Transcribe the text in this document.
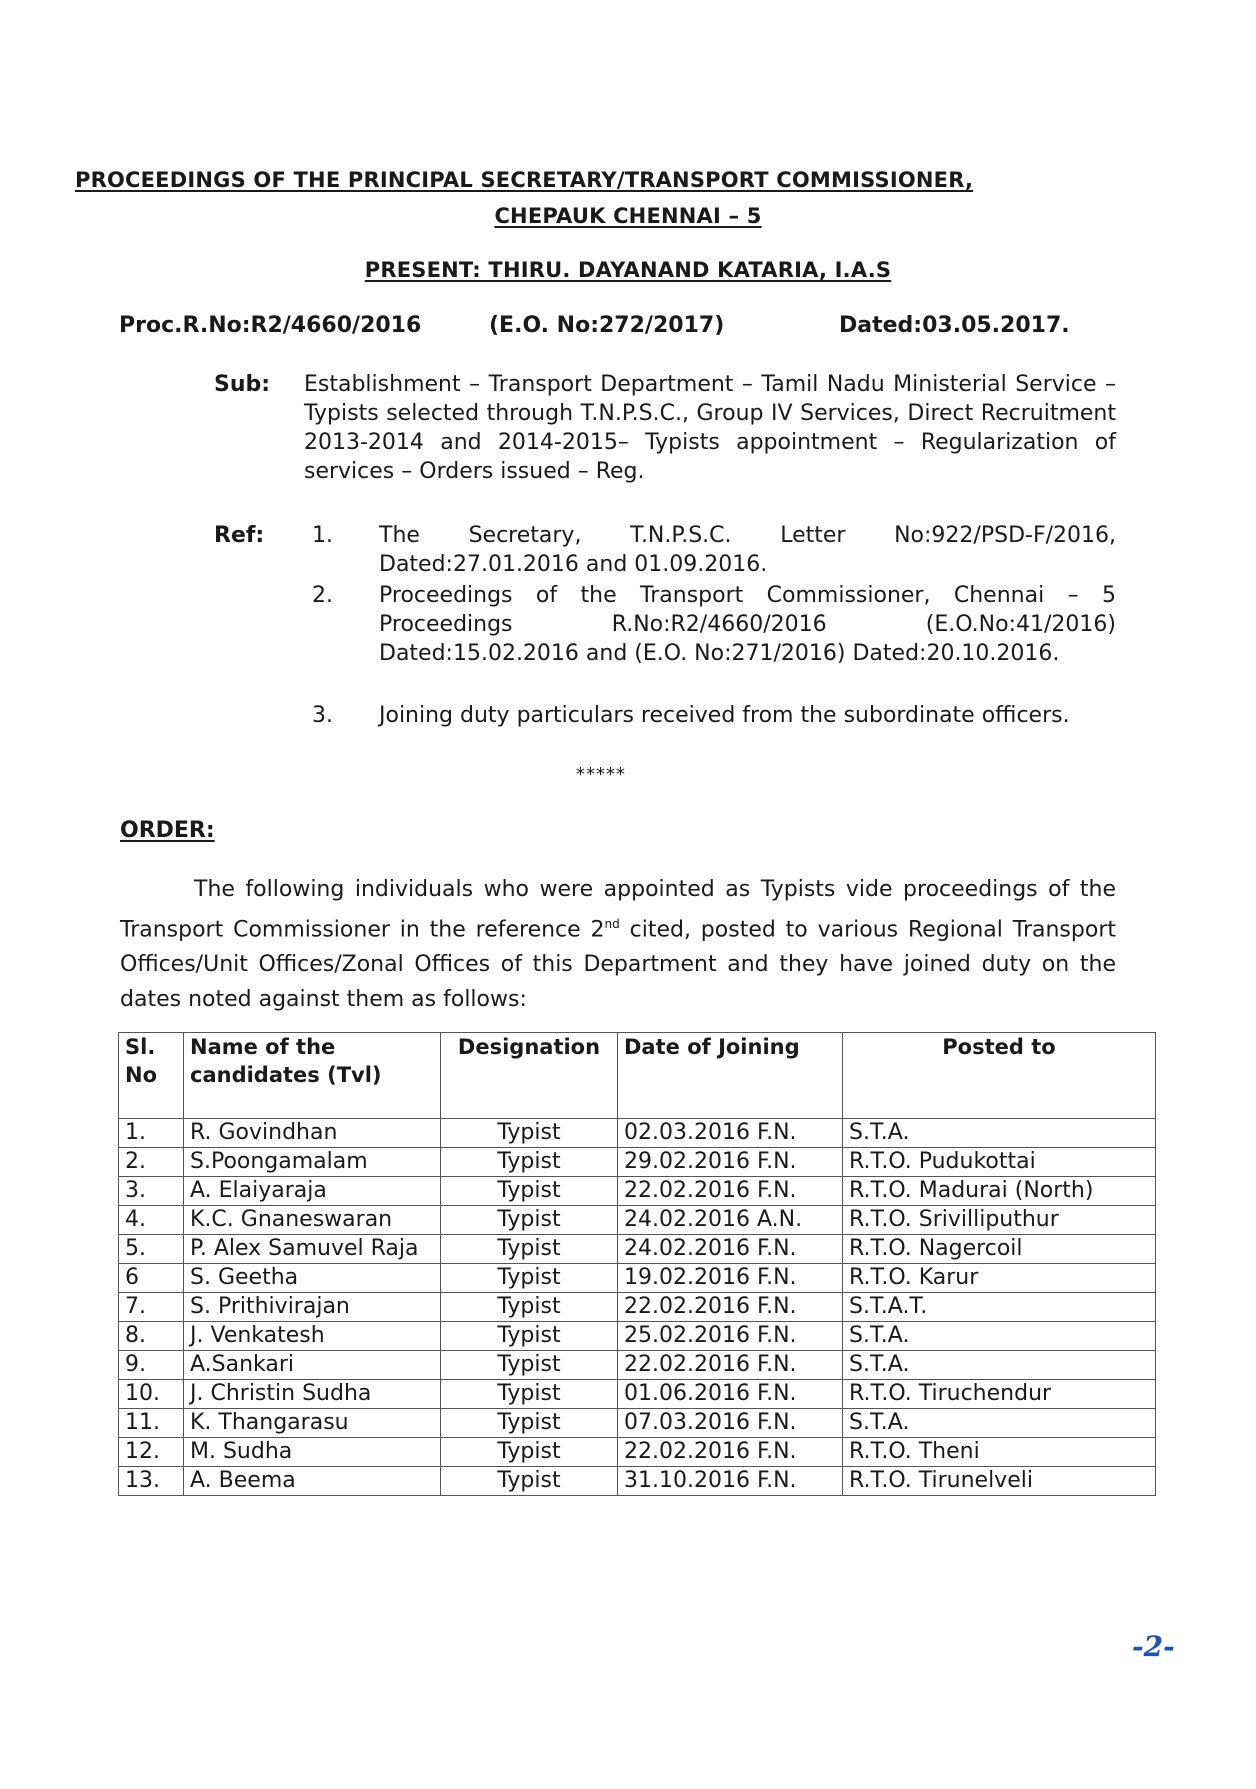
PROCEEDINGS OF THE PRINCIPAL SECRETARY/TRANSPORT COMMISSIONER,
CHEPAUK CHENNAI – 5
PRESENT: THIRU. DAYANAND KATARIA, I.A.S
Proc.R.No:R2/4660/2016	(E.O. No:272/2017)	Dated:03.05.2017.
Sub: Establishment – Transport Department – Tamil Nadu Ministerial Service – Typists selected through T.N.P.S.C., Group IV Services, Direct Recruitment 2013-2014 and 2014-2015– Typists appointment – Regularization of services – Orders issued – Reg.
Ref: 1. The Secretary, T.N.P.S.C. Letter No:922/PSD-F/2016, Dated:27.01.2016 and 01.09.2016.
2. Proceedings of the Transport Commissioner, Chennai – 5 Proceedings R.No:R2/4660/2016 (E.O.No:41/2016) Dated:15.02.2016 and (E.O. No:271/2016) Dated:20.10.2016.
3. Joining duty particulars received from the subordinate officers.
*****
ORDER:
The following individuals who were appointed as Typists vide proceedings of the Transport Commissioner in the reference 2nd cited, posted to various Regional Transport Offices/Unit Offices/Zonal Offices of this Department and they have joined duty on the dates noted against them as follows:
Sl. No	Name of the candidates (Tvl)	Designation	Date of Joining	Posted to
1.	R. Govindhan	Typist	02.03.2016 F.N.	S.T.A.
2.	S.Poongamalam	Typist	29.02.2016 F.N.	R.T.O. Pudukottai
3.	A. Elaiyaraja	Typist	22.02.2016 F.N.	R.T.O. Madurai (North)
4.	K.C. Gnaneswaran	Typist	24.02.2016 A.N.	R.T.O. Srivilliputhur
5.	P. Alex Samuvel Raja	Typist	24.02.2016 F.N.	R.T.O. Nagercoil
6	S. Geetha	Typist	19.02.2016 F.N.	R.T.O. Karur
7.	S. Prithivirajan	Typist	22.02.2016 F.N.	S.T.A.T.
8.	J. Venkatesh	Typist	25.02.2016 F.N.	S.T.A.
9.	A.Sankari	Typist	22.02.2016 F.N.	S.T.A.
10.	J. Christin Sudha	Typist	01.06.2016 F.N.	R.T.O. Tiruchendur
11.	K. Thangarasu	Typist	07.03.2016 F.N.	S.T.A.
12.	M. Sudha	Typist	22.02.2016 F.N.	R.T.O. Theni
13.	A. Beema	Typist	31.10.2016 F.N.	R.T.O. Tirunelveli
-2-
